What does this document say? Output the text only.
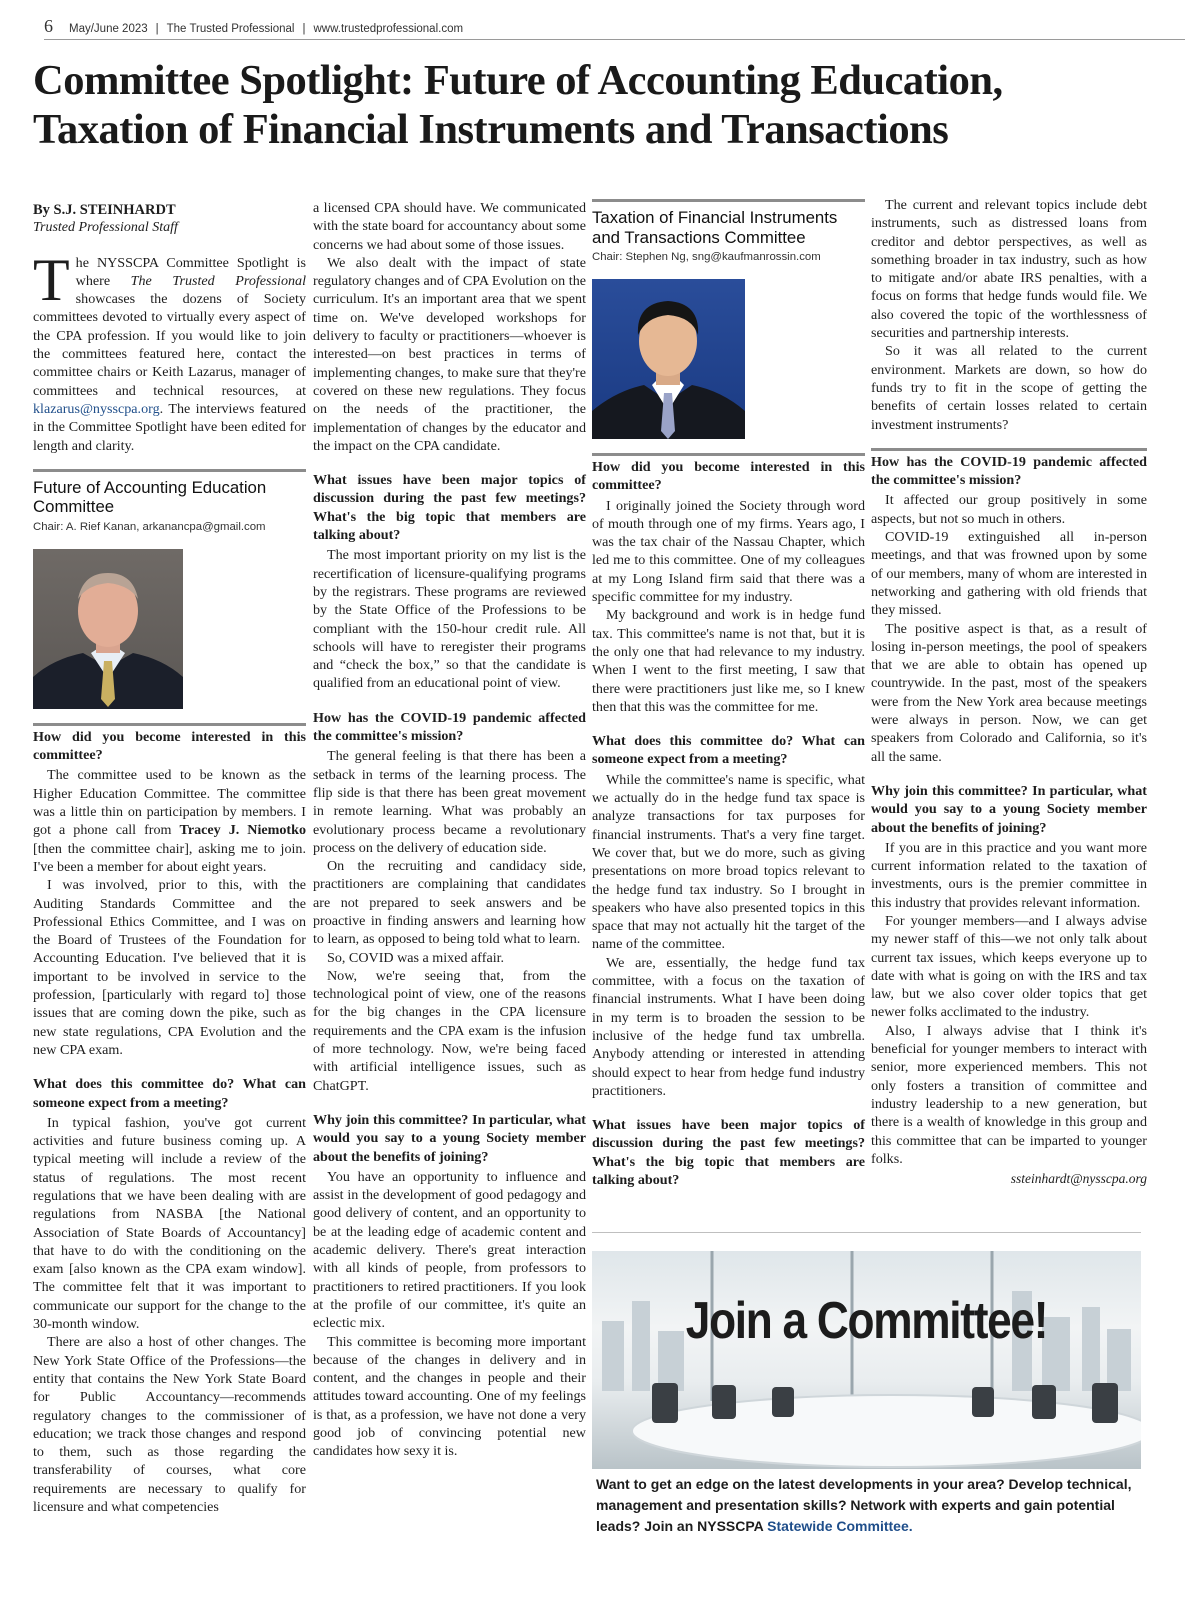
6 May/June 2023 | The Trusted Professional | www.trustedprofessional.com
Committee Spotlight: Future of Accounting Education,
Taxation of Financial Instruments and Transactions
By S.J. STEINHARDT
Trusted Professional Staff

The NYSSCPA Committee Spotlight is where The Trusted Professional showcases the dozens of Society committees devoted to virtually every aspect of the CPA profession. If you would like to join the committees featured here, contact the committee chairs or Keith Lazarus, manager of committees and technical resources, at klazarus@nysscpa.org. The interviews featured in the Committee Spotlight have been edited for length and clarity.

Future of Accounting Education Committee
Chair: A. Rief Kanan, arkanancpa@gmail.com
How did you become interested in this committee?

The committee used to be known as the Higher Education Committee. The committee was a little thin on participation by members. I got a phone call from Tracey J. Niemotko [then the committee chair], asking me to join. I've been a member for about eight years.

I was involved, prior to this, with the Auditing Standards Committee and the Professional Ethics Committee, and I was on the Board of Trustees of the Foundation for Accounting Education. I've believed that it is important to be involved in service to the profession, [particularly with regard to] those issues that are coming down the pike, such as new state regulations, CPA Evolution and the new CPA exam.

What does this committee do? What can someone expect from a meeting?

In typical fashion, you've got current activities and future business coming up. A typical meeting will include a review of the status of regulations. The most recent regulations that we have been dealing with are regulations from NASBA [the National Association of State Boards of Accountancy] that have to do with the conditioning on the exam [also known as the CPA exam window]. The committee felt that it was important to communicate our support for the change to the 30-month window.

There are also a host of other changes. The New York State Office of the Professions—the entity that contains the New York State Board for Public Accountancy—recommends regulatory changes to the commissioner of education; we track those changes and respond to them, such as those regarding the transferability of courses, what core requirements are necessary to qualify for licensure and what competencies

a licensed CPA should have. We communicated with the state board for accountancy about some concerns we had about some of those issues.

We also dealt with the impact of state regulatory changes and of CPA Evolution on the curriculum. It's an important area that we spent time on. We've developed workshops for delivery to faculty or practitioners—whoever is interested—on best practices in terms of implementing changes, to make sure that they're covered on these new regulations. They focus on the needs of the practitioner, the implementation of changes by the educator and the impact on the CPA candidate.

What issues have been major topics of discussion during the past few meetings? What's the big topic that members are talking about?

The most important priority on my list is the recertification of licensure-qualifying programs by the registrars. These programs are reviewed by the State Office of the Professions to be compliant with the 150-hour credit rule. All schools will have to reregister their programs and “check the box,” so that the candidate is qualified from an educational point of view.

How has the COVID-19 pandemic affected the committee's mission?

The general feeling is that there has been a setback in terms of the learning process. The flip side is that there has been great movement in remote learning. What was probably an evolutionary process became a revolutionary process on the delivery of education side.

On the recruiting and candidacy side, practitioners are complaining that candidates are not prepared to seek answers and be proactive in finding answers and learning how to learn, as opposed to being told what to learn.

So, COVID was a mixed affair.

Now, we're seeing that, from the technological point of view, one of the reasons for the big changes in the CPA licensure requirements and the CPA exam is the infusion of more technology. Now, we're being faced with artificial intelligence issues, such as ChatGPT.

Why join this committee? In particular, what would you say to a young Society member about the benefits of joining?

You have an opportunity to influence and assist in the development of good pedagogy and good delivery of content, and an opportunity to be at the leading edge of academic content and academic delivery. There's great interaction with all kinds of people, from professors to practitioners to retired practitioners. If you look at the profile of our committee, it's quite an eclectic mix.

This committee is becoming more important because of the changes in delivery and in content, and the changes in people and their attitudes toward accounting. One of my feelings is that, as a profession, we have not done a very good job of convincing potential new candidates how sexy it is.

Taxation of Financial Instruments and Transactions Committee
Chair: Stephen Ng, sng@kaufmanrossin.com
How did you become interested in this committee?

I originally joined the Society through word of mouth through one of my firms. Years ago, I was the tax chair of the Nassau Chapter, which led me to this committee. One of my colleagues at my Long Island firm said that there was a specific committee for my industry.

My background and work is in hedge fund tax. This committee's name is not that, but it is the only one that had relevance to my industry. When I went to the first meeting, I saw that there were practitioners just like me, so I knew then that this was the committee for me.

What does this committee do? What can someone expect from a meeting?

While the committee's name is specific, what we actually do in the hedge fund tax space is analyze transactions for tax purposes for financial instruments. That's a very fine target. We cover that, but we do more, such as giving presentations on more broad topics relevant to the hedge fund tax industry. So I brought in speakers who have also presented topics in this space that may not actually hit the target of the name of the committee.

We are, essentially, the hedge fund tax committee, with a focus on the taxation of financial instruments. What I have been doing in my term is to broaden the session to be inclusive of the hedge fund tax umbrella. Anybody attending or interested in attending should expect to hear from hedge fund industry practitioners.

What issues have been major topics of discussion during the past few meetings? What's the big topic that members are talking about?

The current and relevant topics include debt instruments, such as distressed loans from creditor and debtor perspectives, as well as something broader in tax industry, such as how to mitigate and/or abate IRS penalties, with a focus on forms that hedge funds would file. We also covered the topic of the worthlessness of securities and partnership interests.

So it was all related to the current environment. Markets are down, so how do funds try to fit in the scope of getting the benefits of certain losses related to certain investment instruments?

How has the COVID-19 pandemic affected the committee's mission?

It affected our group positively in some aspects, but not so much in others.

COVID-19 extinguished all in-person meetings, and that was frowned upon by some of our members, many of whom are interested in networking and gathering with old friends that they missed.

The positive aspect is that, as a result of losing in-person meetings, the pool of speakers that we are able to obtain has opened up countrywide. In the past, most of the speakers were from the New York area because meetings were always in person. Now, we can get speakers from Colorado and California, so it's all the same.

Why join this committee? In particular, what would you say to a young Society member about the benefits of joining?

If you are in this practice and you want more current information related to the taxation of investments, ours is the premier committee in this industry that provides relevant information.

For younger members—and I always advise my newer staff of this—we not only talk about current tax issues, which keeps everyone up to date with what is going on with the IRS and tax law, but we also cover older topics that get newer folks acclimated to the industry.

Also, I always advise that I think it's beneficial for younger members to interact with senior, more experienced members. This not only fosters a transition of committee and industry leadership to a new generation, but there is a wealth of knowledge in this group and this committee that can be imparted to younger folks.

ssteinhardt@nysscpa.org
Join a Committee!
Want to get an edge on the latest developments in your area? Develop technical, management and presentation skills? Network with experts and gain potential leads? Join an NYSSCPA Statewide Committee.
